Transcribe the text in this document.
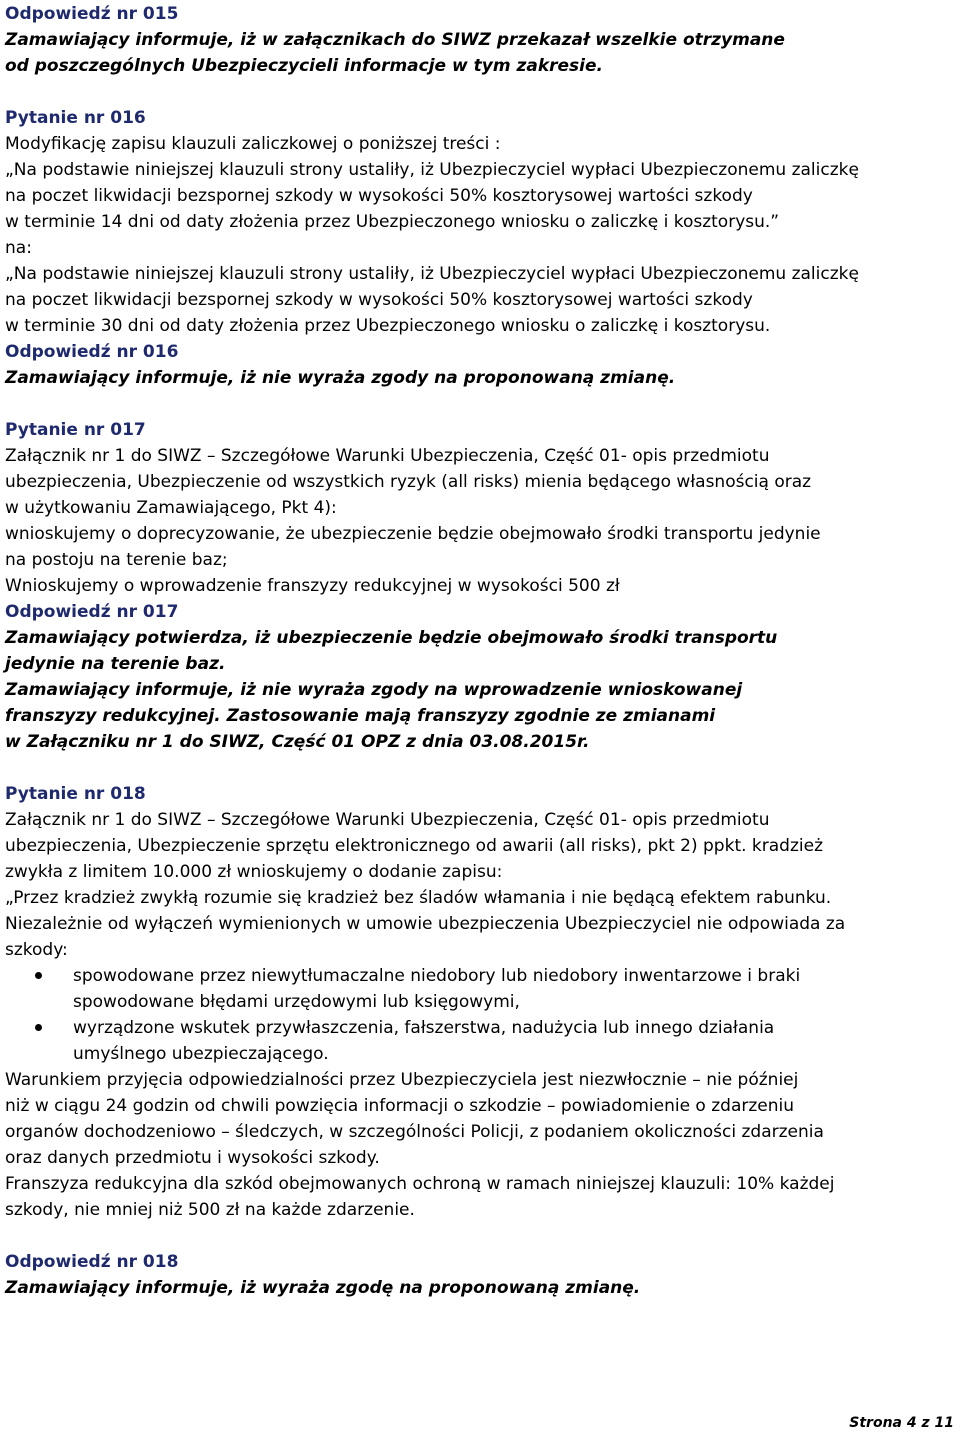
Odpowiedź nr 015
Zamawiający informuje, iż w załącznikach do SIWZ przekazał wszelkie otrzymane
od poszczególnych Ubezpieczycieli informacje w tym zakresie.
Pytanie nr 016
Modyfikację zapisu klauzuli zaliczkowej o poniższej treści :
„Na podstawie niniejszej klauzuli strony ustaliły, iż Ubezpieczyciel wypłaci Ubezpieczonemu zaliczkę
na poczet likwidacji bezspornej szkody w wysokości 50% kosztorysowej wartości szkody
w terminie 14 dni od daty złożenia przez Ubezpieczonego wniosku o zaliczkę i kosztorysu.”
na:
„Na podstawie niniejszej klauzuli strony ustaliły, iż Ubezpieczyciel wypłaci Ubezpieczonemu zaliczkę
na poczet likwidacji bezspornej szkody w wysokości 50% kosztorysowej wartości szkody
w terminie 30 dni od daty złożenia przez Ubezpieczonego wniosku o zaliczkę i kosztorysu.
Odpowiedź nr 016
Zamawiający informuje, iż nie wyraża zgody na proponowaną zmianę.
Pytanie nr 017
Załącznik nr 1 do SIWZ – Szczegółowe Warunki Ubezpieczenia, Część 01- opis przedmiotu
ubezpieczenia, Ubezpieczenie od wszystkich ryzyk (all risks) mienia będącego własnością oraz
w użytkowaniu Zamawiającego, Pkt 4):
wnioskujemy o doprecyzowanie, że ubezpieczenie będzie obejmowało środki transportu jedynie
na postoju na terenie baz;
Wnioskujemy o wprowadzenie franszyzy redukcyjnej w wysokości 500 zł
Odpowiedź nr 017
Zamawiający potwierdza, iż ubezpieczenie będzie obejmowało środki transportu
jedynie na terenie baz.
Zamawiający informuje, iż nie wyraża zgody na wprowadzenie wnioskowanej
franszyzy redukcyjnej. Zastosowanie mają franszyzy zgodnie ze zmianami
w Załączniku nr 1 do SIWZ, Część 01 OPZ z dnia 03.08.2015r.
Pytanie nr 018
Załącznik nr 1 do SIWZ – Szczegółowe Warunki Ubezpieczenia, Część 01- opis przedmiotu
ubezpieczenia, Ubezpieczenie sprzętu elektronicznego od awarii (all risks), pkt 2) ppkt. kradzież
zwykła z limitem 10.000 zł wnioskujemy o dodanie zapisu:
„Przez kradzież zwykłą rozumie się kradzież bez śladów włamania i nie będącą efektem rabunku.
Niezależnie od wyłączeń wymienionych w umowie ubezpieczenia Ubezpieczyciel nie odpowiada za
szkody:
spowodowane przez niewytłumaczalne niedobory lub niedobory inwentarzowe i braki
spowodowane błędami urzędowymi lub księgowymi,
wyrządzone wskutek przywłaszczenia, fałszerstwa, nadużycia lub innego działania
umyślnego ubezpieczającego.
Warunkiem przyjęcia odpowiedzialności przez Ubezpieczyciela jest niezwłocznie – nie później
niż w ciągu 24 godzin od chwili powzięcia informacji o szkodzie – powiadomienie o zdarzeniu
organów dochodzeniowo – śledczych, w szczególności Policji, z podaniem okoliczności zdarzenia
oraz danych przedmiotu i wysokości szkody.
Franszyza redukcyjna dla szkód obejmowanych ochroną w ramach niniejszej klauzuli: 10% każdej
szkody, nie mniej niż 500 zł na każde zdarzenie.
Odpowiedź nr 018
Zamawiający informuje, iż wyraża zgodę na proponowaną zmianę.
Strona 4 z 11
